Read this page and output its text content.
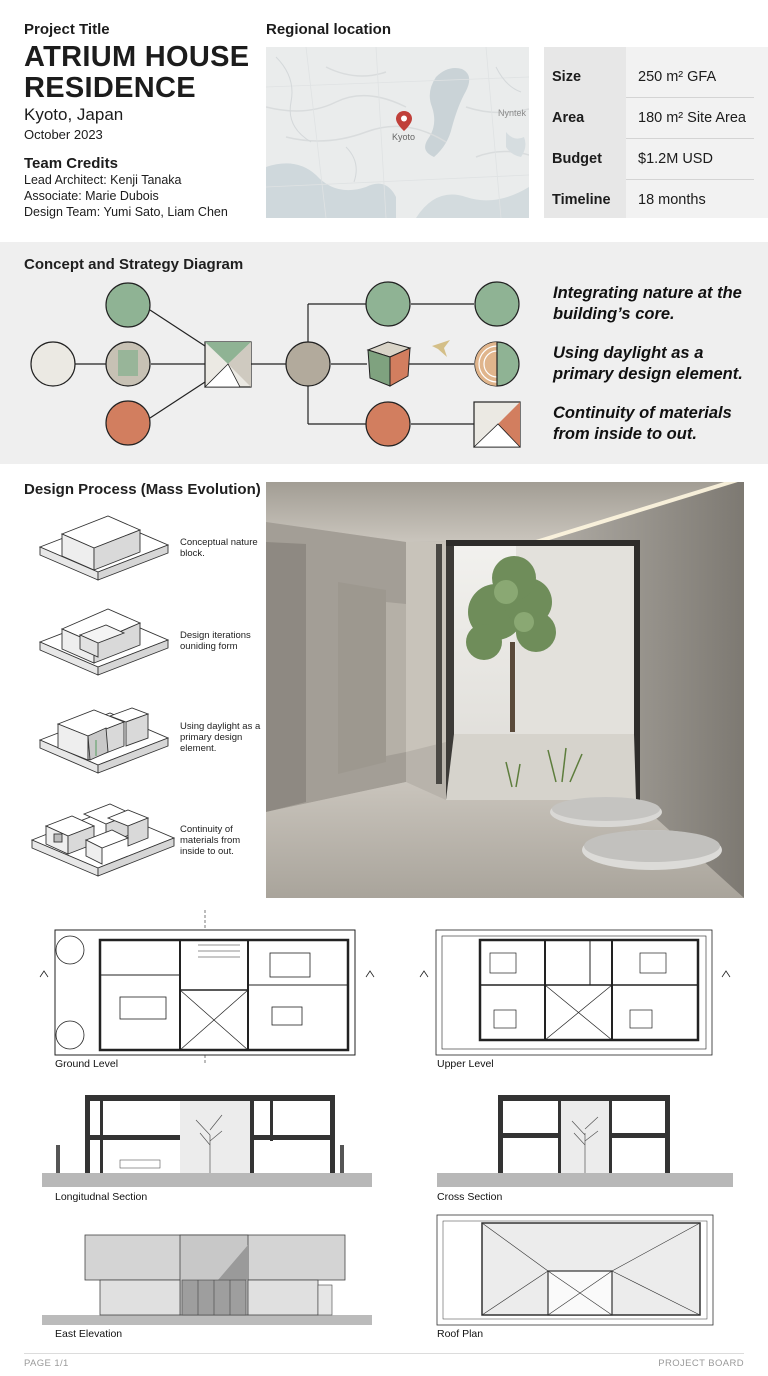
Project Title
ATRIUM HOUSE
RESIDENCE
Kyoto, Japan
October 2023
Team Credits
Lead Architect: Kenji Tanaka
Associate: Marie Dubois
Design Team: Yumi Sato, Liam Chen
Regional location
Kyoto
Nyntek
Size	250 m² GFA
Area	180 m² Site Area
Budget $1.2M USD
Timeline 18 months
Concept and Strategy Diagram
Integrating nature at the building’s core.
Using daylight as a primary design element.
Continuity of materials from inside to out.
Design Process (Mass Evolution)
Conceptual nature block.
Design iterations ouniding form
Using daylight as a primary design element.
Continuity of materials from inside to out.
Ground Level	Upper Level
Longitudnal Section	Cross Section
East Elevation	Roof Plan
PAGE 1/1	PROJECT BOARD
